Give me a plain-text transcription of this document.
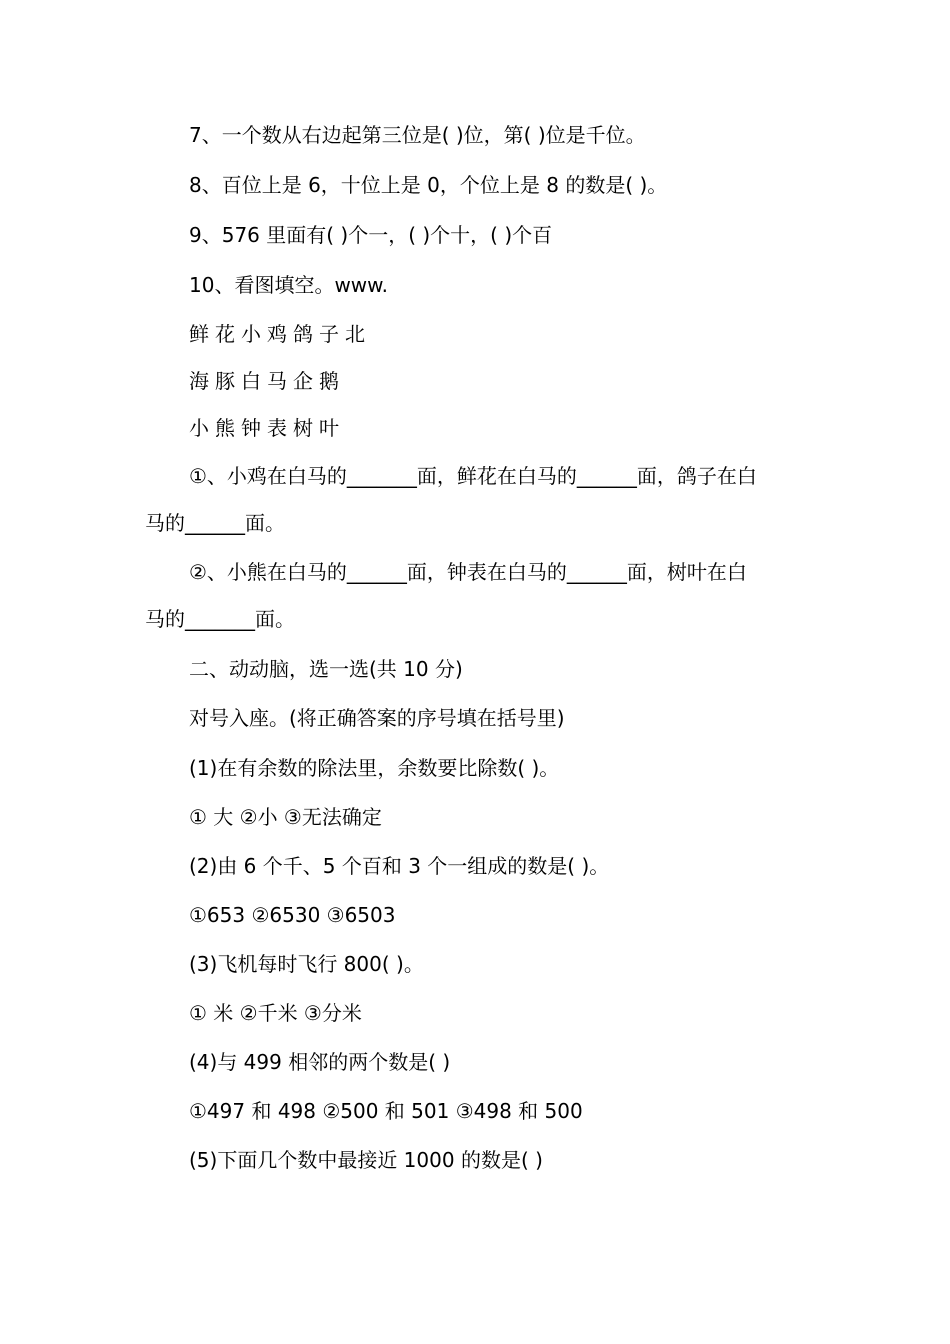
7、一个数从右边起第三位是( )位，第( )位是千位。
8、百位上是 6，十位上是 0，个位上是 8 的数是( )。
9、576 里面有( )个一，( )个十，( )个百
10、看图填空。www.
鲜花小鸡鸽子北
海豚白马企鹅
小熊钟表树叶
①、小鸡在白马的_______面，鲜花在白马的______面，鸽子在白
马的______面。
②、小熊在白马的______面，钟表在白马的______面，树叶在白
马的_______面。
二、动动脑，选一选(共 10 分)
对号入座。(将正确答案的序号填在括号里)
(1)在有余数的除法里，余数要比除数( )。
① 大 ②小 ③无法确定
(2)由 6 个千、5 个百和 3 个一组成的数是( )。
①653 ②6530 ③6503
(3)飞机每时飞行 800( )。
① 米 ②千米 ③分米
(4)与 499 相邻的两个数是( )
①497 和 498 ②500 和 501 ③498 和 500
(5)下面几个数中最接近 1000 的数是( )
